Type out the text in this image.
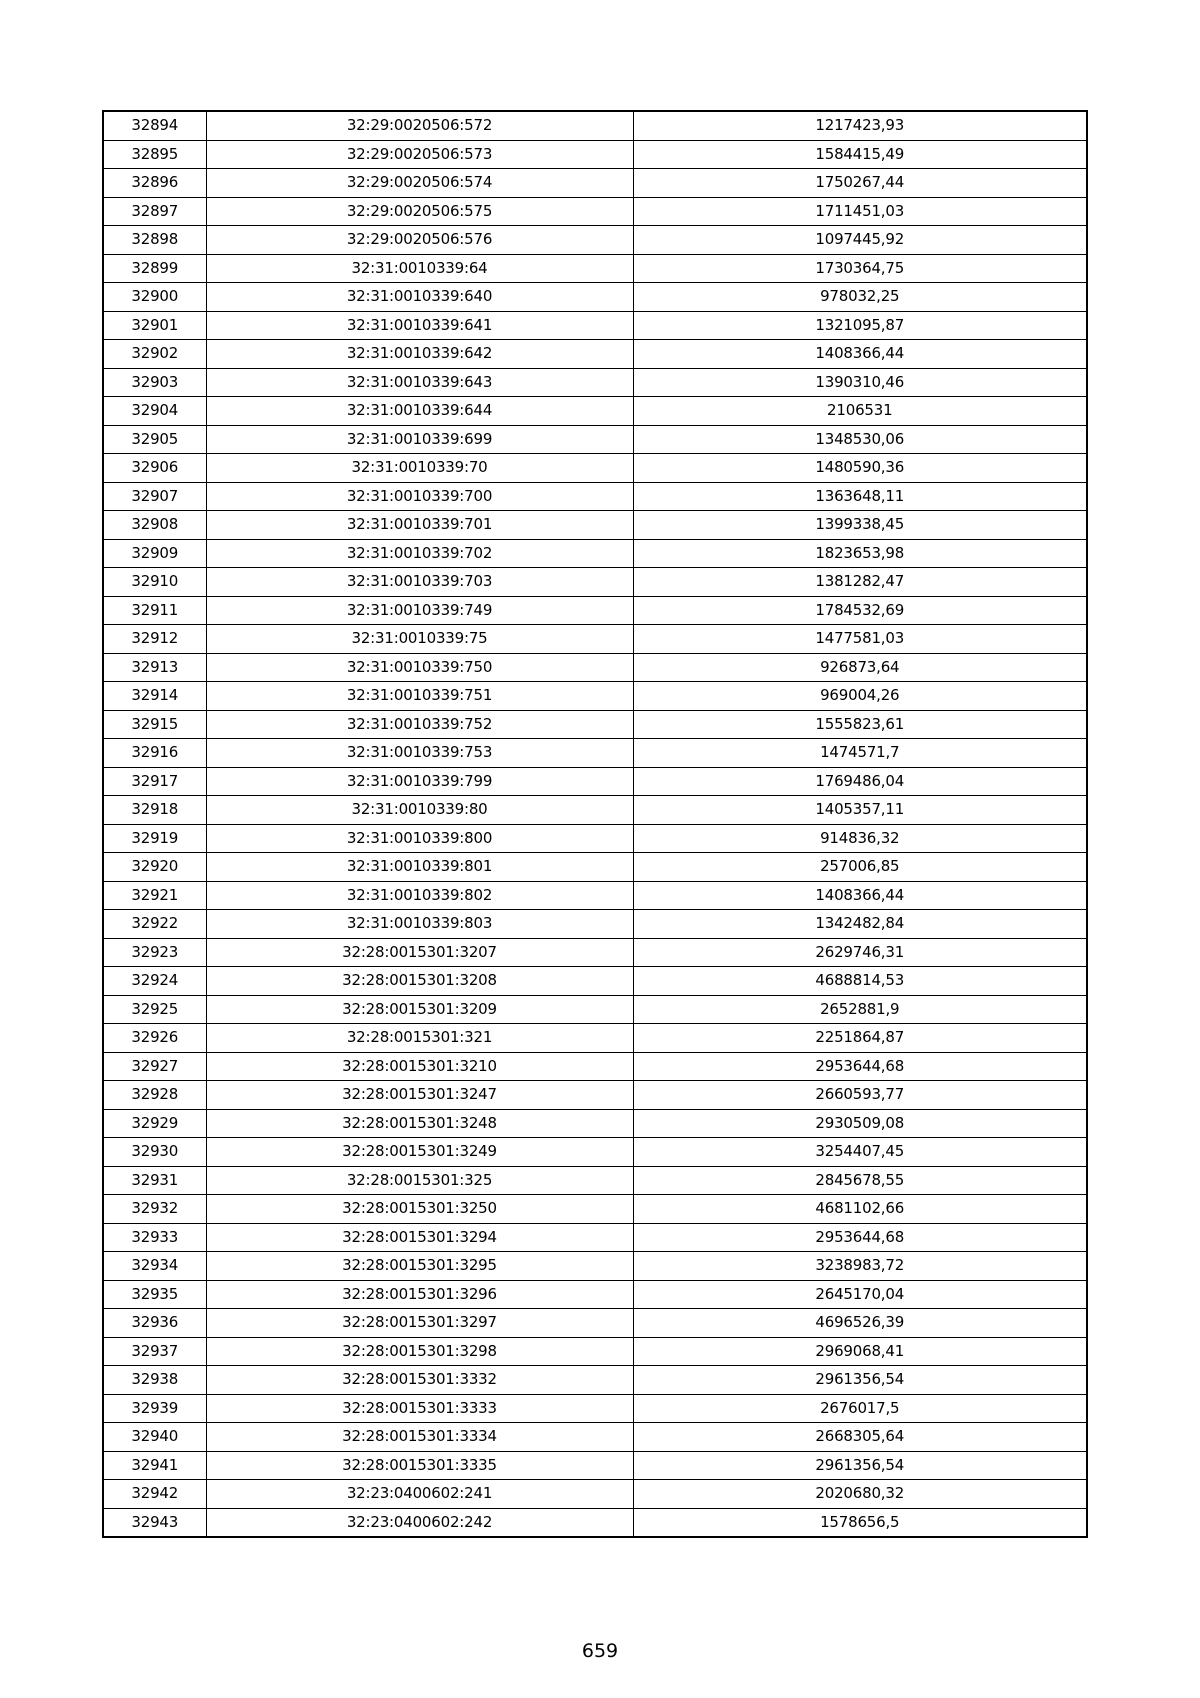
32894	32:29:0020506:572	1217423,93
32895	32:29:0020506:573	1584415,49
32896	32:29:0020506:574	1750267,44
32897	32:29:0020506:575	1711451,03
32898	32:29:0020506:576	1097445,92
32899	32:31:0010339:64	1730364,75
32900	32:31:0010339:640	978032,25
32901	32:31:0010339:641	1321095,87
32902	32:31:0010339:642	1408366,44
32903	32:31:0010339:643	1390310,46
32904	32:31:0010339:644	2106531
32905	32:31:0010339:699	1348530,06
32906	32:31:0010339:70	1480590,36
32907	32:31:0010339:700	1363648,11
32908	32:31:0010339:701	1399338,45
32909	32:31:0010339:702	1823653,98
32910	32:31:0010339:703	1381282,47
32911	32:31:0010339:749	1784532,69
32912	32:31:0010339:75	1477581,03
32913	32:31:0010339:750	926873,64
32914	32:31:0010339:751	969004,26
32915	32:31:0010339:752	1555823,61
32916	32:31:0010339:753	1474571,7
32917	32:31:0010339:799	1769486,04
32918	32:31:0010339:80	1405357,11
32919	32:31:0010339:800	914836,32
32920	32:31:0010339:801	257006,85
32921	32:31:0010339:802	1408366,44
32922	32:31:0010339:803	1342482,84
32923	32:28:0015301:3207	2629746,31
32924	32:28:0015301:3208	4688814,53
32925	32:28:0015301:3209	2652881,9
32926	32:28:0015301:321	2251864,87
32927	32:28:0015301:3210	2953644,68
32928	32:28:0015301:3247	2660593,77
32929	32:28:0015301:3248	2930509,08
32930	32:28:0015301:3249	3254407,45
32931	32:28:0015301:325	2845678,55
32932	32:28:0015301:3250	4681102,66
32933	32:28:0015301:3294	2953644,68
32934	32:28:0015301:3295	3238983,72
32935	32:28:0015301:3296	2645170,04
32936	32:28:0015301:3297	4696526,39
32937	32:28:0015301:3298	2969068,41
32938	32:28:0015301:3332	2961356,54
32939	32:28:0015301:3333	2676017,5
32940	32:28:0015301:3334	2668305,64
32941	32:28:0015301:3335	2961356,54
32942	32:23:0400602:241	2020680,32
32943	32:23:0400602:242	1578656,5
659
